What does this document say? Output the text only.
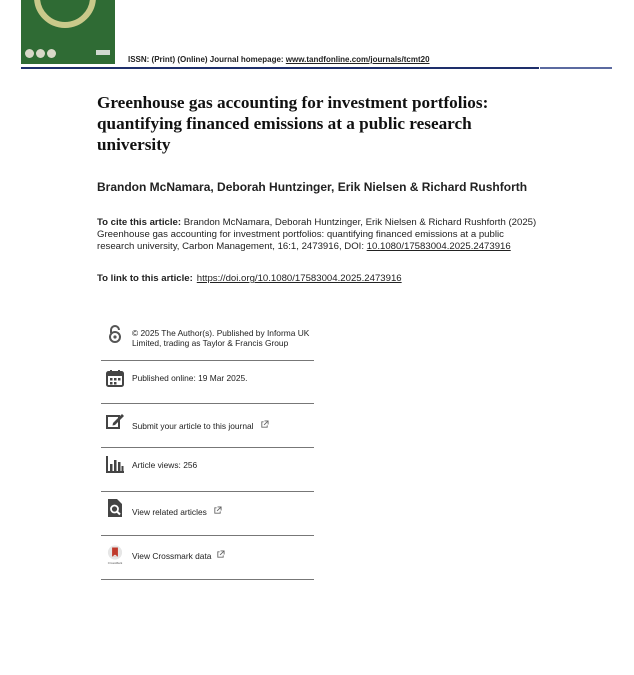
ISSN: (Print) (Online) Journal homepage: www.tandfonline.com/journals/tcmt20
Greenhouse gas accounting for investment portfolios: quantifying financed emissions at a public research university
Brandon McNamara, Deborah Huntzinger, Erik Nielsen & Richard Rushforth
To cite this article: Brandon McNamara, Deborah Huntzinger, Erik Nielsen & Richard Rushforth (2025) Greenhouse gas accounting for investment portfolios: quantifying financed emissions at a public research university, Carbon Management, 16:1, 2473916, DOI: 10.1080/17583004.2025.2473916
To link to this article: https://doi.org/10.1080/17583004.2025.2473916
© 2025 The Author(s). Published by Informa UK Limited, trading as Taylor & Francis Group
Published online: 19 Mar 2025.
Submit your article to this journal
Article views: 256
View related articles
CrossMark
View Crossmark data
